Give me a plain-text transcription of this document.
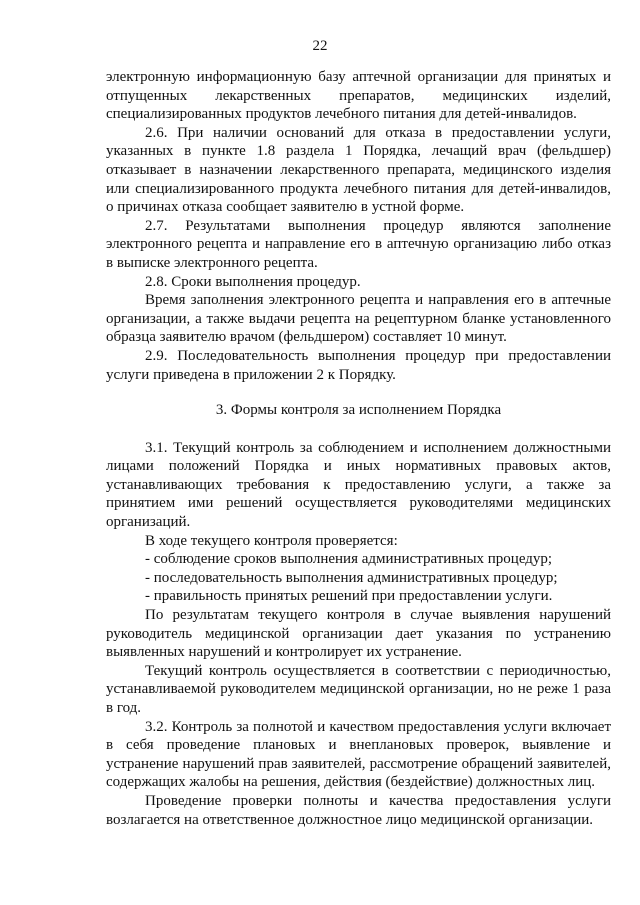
22

электронную информационную базу аптечной организации для принятых и отпущенных лекарственных препаратов, медицинских изделий, специализированных продуктов лечебного питания для детей-инвалидов.

2.6. При наличии оснований для отказа в предоставлении услуги, указанных в пункте 1.8 раздела 1 Порядка, лечащий врач (фельдшер) отказывает в назначении лекарственного препарата, медицинского изделия или специализированного продукта лечебного питания для детей-инвалидов, о причинах отказа сообщает заявителю в устной форме.

2.7. Результатами выполнения процедур являются заполнение электронного рецепта и направление его в аптечную организацию либо отказ в выписке электронного рецепта.

2.8. Сроки выполнения процедур.

Время заполнения электронного рецепта и направления его в аптечные организации, а также выдачи рецепта на рецептурном бланке установленного образца заявителю врачом (фельдшером) составляет 10 минут.

2.9. Последовательность выполнения процедур при предоставлении услуги приведена в приложении 2 к Порядку.

3. Формы контроля за исполнением Порядка

3.1. Текущий контроль за соблюдением и исполнением должностными лицами положений Порядка и иных нормативных правовых актов, устанавливающих требования к предоставлению услуги, а также за принятием ими решений осуществляется руководителями медицинских организаций.

В ходе текущего контроля проверяется:

- соблюдение сроков выполнения административных процедур;

- последовательность выполнения административных процедур;

- правильность принятых решений при предоставлении услуги.

По результатам текущего контроля в случае выявления нарушений руководитель медицинской организации дает указания по устранению выявленных нарушений и контролирует их устранение.

Текущий контроль осуществляется в соответствии с периодичностью, устанавливаемой руководителем медицинской организации, но не реже 1 раза в год.

3.2. Контроль за полнотой и качеством предоставления услуги включает в себя проведение плановых и внеплановых проверок, выявление и устранение нарушений прав заявителей, рассмотрение обращений заявителей, содержащих жалобы на решения, действия (бездействие) должностных лиц.

Проведение проверки полноты и качества предоставления услуги возлагается на ответственное должностное лицо медицинской организации.
